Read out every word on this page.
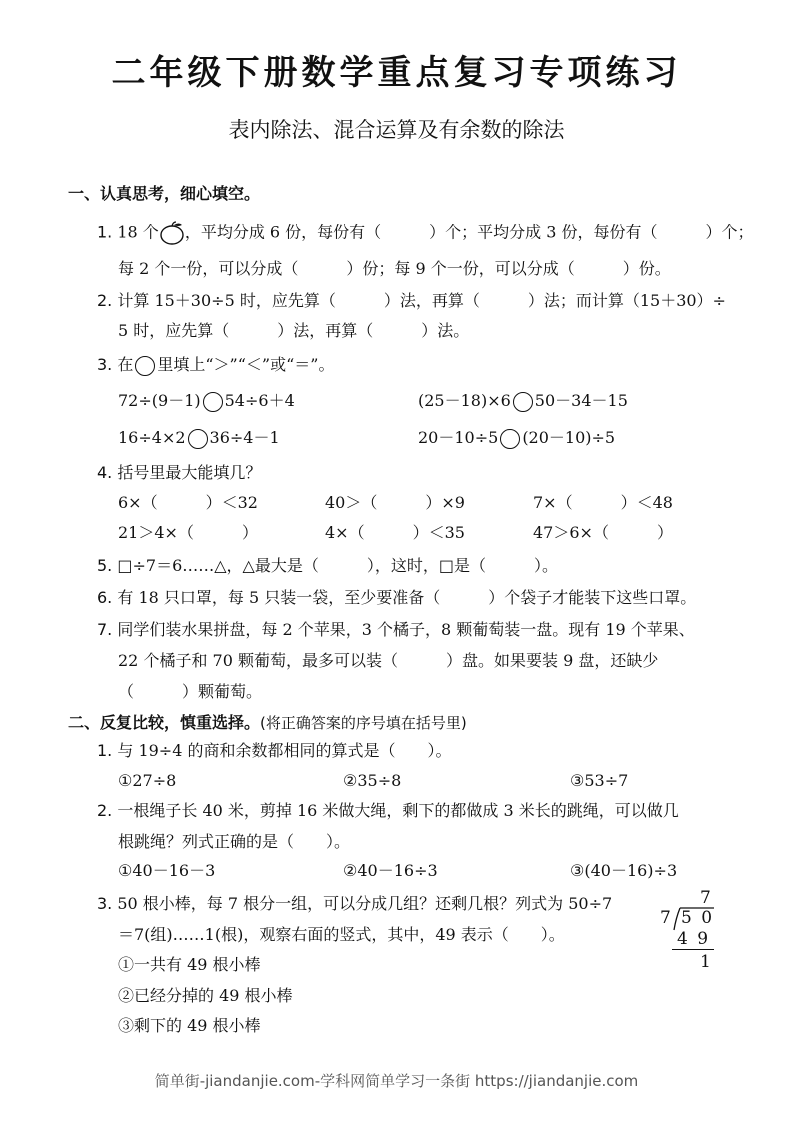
二年级下册数学重点复习专项练习
表内除法、混合运算及有余数的除法
一、认真思考，细心填空。
1. 18 个 ，平均分成 6 份，每份有（　　　）个；平均分成 3 份，每份有（　　　）个；
每 2 个一份，可以分成（　　　）份；每 9 个一份，可以分成（　　　）份。
2. 计算 15＋30÷5 时，应先算（　　　）法，再算（　　　）法；而计算（15＋30）÷
5 时，应先算（　　　）法，再算（　　　）法。
3. 在 里填上“＞”“＜”或“＝”。
72÷(9－1) 54÷6＋4	(25－18)×6 50－34－15
16÷4×2 36÷4－1	20－10÷5 (20－10)÷5
4. 括号里最大能填几？
6×（　　　）＜32	40＞（　　　）×9	7×（　　　）＜48
21＞4×（　　　）	4×（　　　）＜35	47＞6×（　　　）
5. □÷7＝6……△，△最大是（　　　），这时，□是（　　　）。
6. 有 18 只口罩，每 5 只装一袋，至少要准备（　　　）个袋子才能装下这些口罩。
7. 同学们装水果拼盘，每 2 个苹果，3 个橘子，8 颗葡萄装一盘。现有 19 个苹果、
22 个橘子和 70 颗葡萄，最多可以装（　　　）盘。如果要装 9 盘，还缺少
（　　　）颗葡萄。
二、反复比较，慎重选择。(将正确答案的序号填在括号里)
1. 与 19÷4 的商和余数都相同的算式是（　　）。
①27÷8	②35÷8	③53÷7
2. 一根绳子长 40 米，剪掉 16 米做大绳，剩下的都做成 3 米长的跳绳，可以做几
根跳绳？列式正确的是（　　）。
①40－16－3	②40－16÷3	③(40－16)÷3
3. 50 根小棒，每 7 根分一组，可以分成几组？还剩几根？列式为 50÷7
＝7(组)……1(根)，观察右面的竖式，其中，49 表示（　　）。
①一共有 49 根小棒
②已经分掉的 49 根小棒
③剩下的 49 根小棒
7
7 5 0
4 9
1
简单街-jiandanjie.com-学科网简单学习一条街 https://jiandanjie.com
